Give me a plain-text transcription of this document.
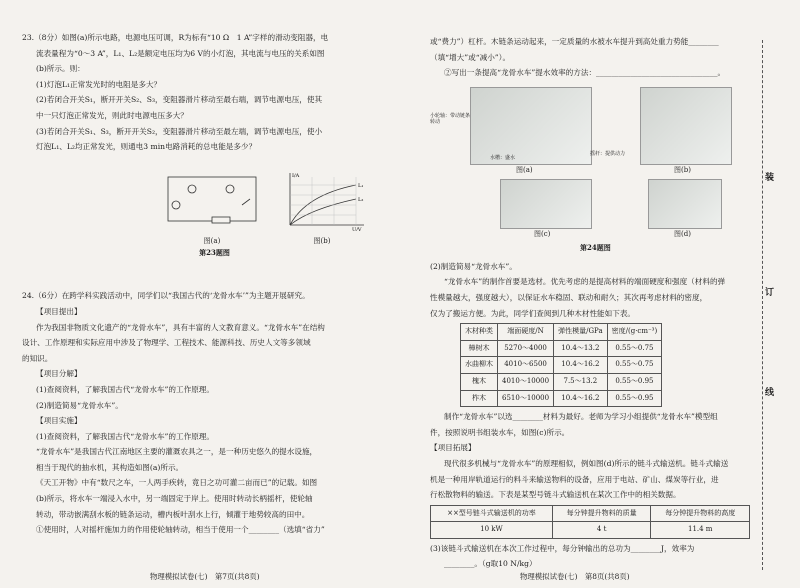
23.（8分）如图(a)所示电路，电源电压可调，R为标有“10 Ω　1 A”字样的滑动变阻器，电

流表量程为“0～3 A”，L₁、L₂是额定电压均为6 V的小灯泡，其电流与电压的关系如图

(b)所示。则：

(1)灯泡L₁正常发光时的电阻是多大？

(2)若闭合开关S₁，断开开关S₂、S₃，变阻器滑片移动至最右端，调节电源电压，使其

中一只灯泡正常发光，则此时电源电压多大？

(3)若闭合开关S₁、S₃，断开开关S₂，变阻器滑片移动至最左端，调节电源电压，使小

灯泡L₁、L₂均正常发光，则通电3 min电路消耗的总电能是多少？

图(a)
I/A
U/V
L₁
L₂
图(b)
第23题图

24.（6分）在跨学科实践活动中，同学们以“我国古代的‘龙骨水车’”为主题开展研究。

【项目提出】

作为我国非物质文化遗产的“龙骨水车”，具有丰富的人文教育意义。“龙骨水车”在结构

设计、工作原理和实际应用中涉及了物理学、工程技术、能源科技、历史人文等多领域

的知识。

【项目分解】

(1)查阅资料，了解我国古代“龙骨水车”的工作原理。

(2)制造简易“龙骨水车”。

【项目实施】

(1)查阅资料，了解我国古代“龙骨水车”的工作原理。

“龙骨水车”是我国古代江南地区主要的灌溉农具之一，是一种历史悠久的提水设施，

相当于现代的抽水机，其构造如图(a)所示。

《天工开物》中有“数尺之车，一人两手疾转，竟日之功可灌二亩而已”的记载。如图

(b)所示，将水车一端浸入水中，另一端固定于岸上。使用时转动长柄摇杆，使轮轴

转动，带动嵌满刮水板的链条运动，槽内板叶刮水上行，倾灌于地势较高的田中。

①使用时，人对摇杆施加力的作用使轮轴转动，相当于使用一个________（选填“省力”

物理模拟试卷(七)　第7页(共8页)

或“费力”）杠杆。木链条运动起来，一定质量的水被水车提升到高处重力势能________

（填“增大”或“减小”）。

②写出一条提高“龙骨水车”提水效率的方法：________________________________。

图(a)	图(b)
图(c)	图(d)
第24题图
小轮轴：带动链条转动
水槽：盛水
摇杆：提供动力

(2)制造简易“龙骨水车”。

“龙骨水车”的制作首要是选材。优先考虑的是提高材料的端面硬度和强度（材料的弹

性模量越大，强度越大），以保证水车稳固、联动和耐久；其次再考虑材料的密度，

仅为了搬运方便。为此，同学们查阅到几种木材性能如下表。

木材种类	端面硬度/N	弹性模量/GPa	密度/(g·cm⁻³)
樟树木	5270～4000	10.4～13.2	0.55～0.75
水曲柳木	4010～6500	10.4～16.2	0.55～0.75
槐木	4010～10000	7.5～13.2	0.55～0.95
柞木	6510～10000	10.4～16.2	0.55～0.95

制作“龙骨水车”以选________材料为最好。老师为学习小组提供“龙骨水车”模型组

件，按照说明书组装水车，如图(c)所示。

【项目拓展】

现代很多机械与“龙骨水车”的原理相似，例如图(d)所示的链斗式输送机。链斗式输送

机是一种用岸轨道运行的料斗来输送物料的设备，应用于电站、矿山、煤炭等行业，进

行松散物料的输送。下表是某型号链斗式输送机在某次工作中的相关数据。

××型号链斗式输送机的功率	每分钟提升物料的质量	每分钟提升物料的高度
10 kW	4 t	11.4 m

(3)该链斗式输送机在本次工作过程中，每分钟输出的总功为________J，效率为

________。（g取10 N/kg）

物理模拟试卷(七)　第8页(共8页)
装
订
线
